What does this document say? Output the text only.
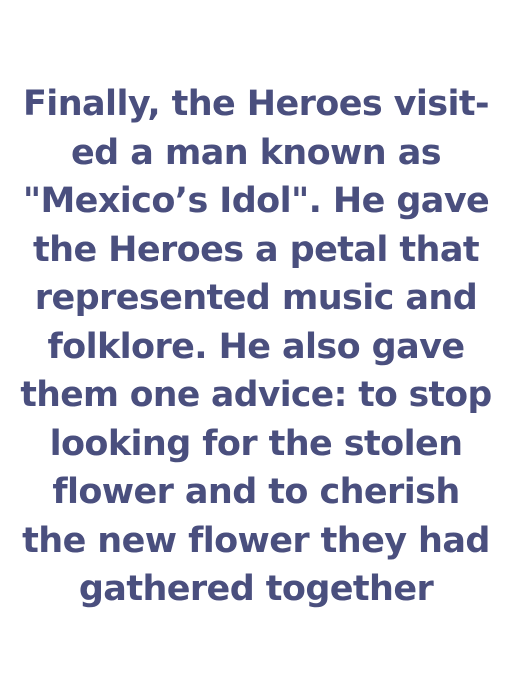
Finally, the Heroes visit-
ed a man known as
"Mexico’s Idol". He gave
the Heroes a petal that
represented music and
folklore. He also gave
them one advice: to stop
looking for the stolen
flower and to cherish
the new flower they had
gathered together
